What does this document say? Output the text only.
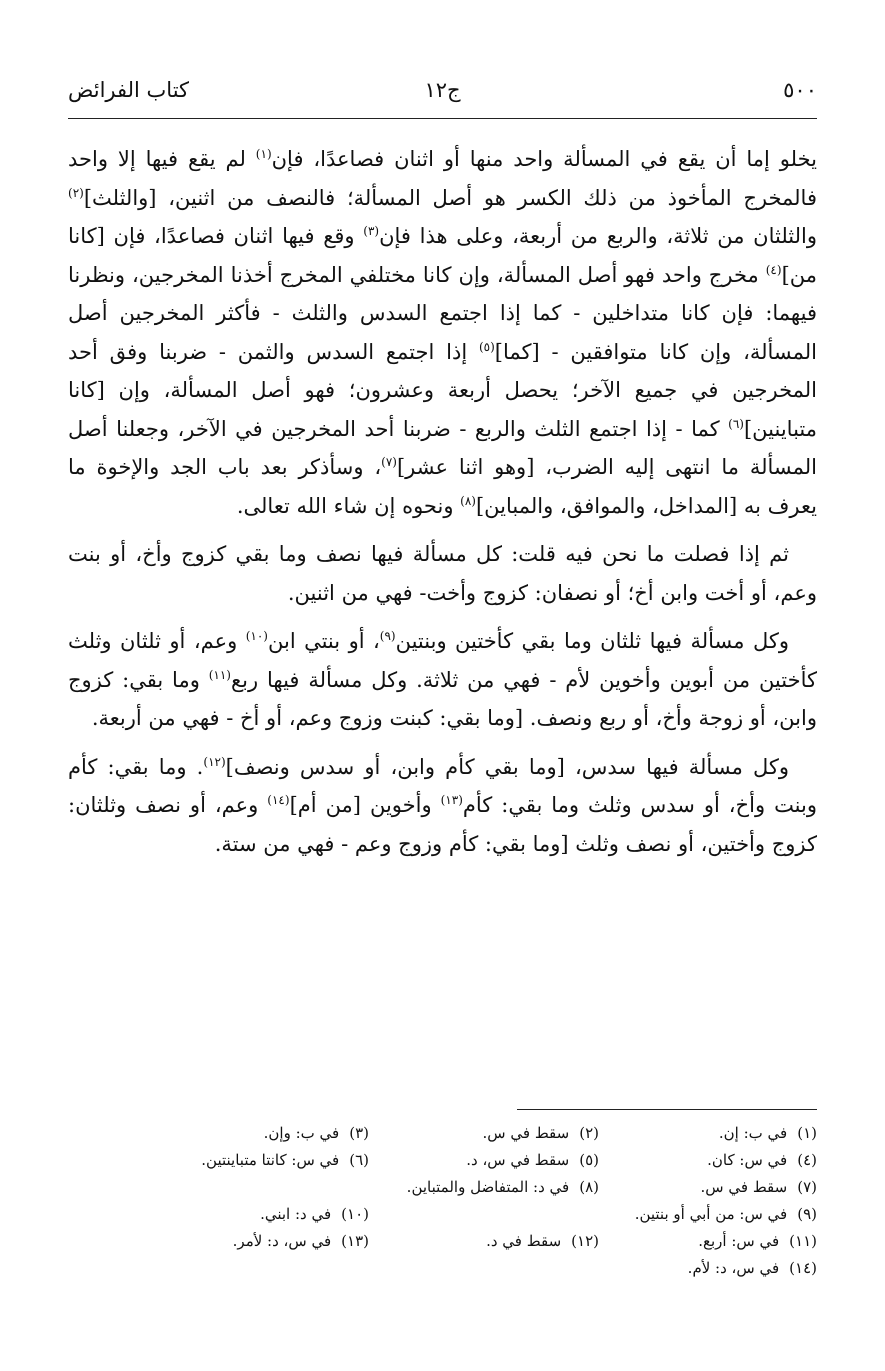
٥٠٠
ج١٢
كتاب الفرائض

يخلو إما أن يقع في المسألة واحد منها أو اثنان فصاعدًا، فإن$^{(١)}$ لم يقع فيها إلا واحد فالمخرج المأخوذ من ذلك الكسر هو أصل المسألة؛ فالنصف من اثنين، [والثلث]$^{(٢)}$ والثلثان من ثلاثة، والربع من أربعة، وعلى هذا فإن$^{(٣)}$ وقع فيها اثنان فصاعدًا، فإن [كانا من]$^{(٤)}$ مخرج واحد فهو أصل المسألة، وإن كانا مختلفي المخرج أخذنا المخرجين، ونظرنا فيهما: فإن كانا متداخلين - كما إذا اجتمع السدس والثلث - فأكثر المخرجين أصل المسألة، وإن كانا متوافقين - [كما]$^{(٥)}$ إذا اجتمع السدس والثمن - ضربنا وفق أحد المخرجين في جميع الآخر؛ يحصل أربعة وعشرون؛ فهو أصل المسألة، وإن [كانا متباينين]$^{(٦)}$ كما - إذا اجتمع الثلث والربع - ضربنا أحد المخرجين في الآخر، وجعلنا أصل المسألة ما انتهى إليه الضرب، [وهو اثنا عشر]$^{(٧)}$، وسأذكر بعد باب الجد والإخوة ما يعرف به [المداخل، والموافق، والمباين]$^{(٨)}$ ونحوه إن شاء الله تعالى.

ثم إذا فصلت ما نحن فيه قلت: كل مسألة فيها نصف وما بقي كزوج وأخ، أو بنت وعم، أو أخت وابن أخ؛ أو نصفان: كزوج وأخت- فهي من اثنين.

وكل مسألة فيها ثلثان وما بقي كأختين وبنتين$^{(٩)}$، أو بنتي ابن$^{(١٠)}$ وعم، أو ثلثان وثلث كأختين من أبوين وأخوين لأم - فهي من ثلاثة. وكل مسألة فيها ربع$^{(١١)}$ وما بقي: كزوج وابن، أو زوجة وأخ، أو ربع ونصف. [وما بقي: كبنت وزوج وعم، أو أخ - فهي من أربعة.

وكل مسألة فيها سدس، [وما بقي كأم وابن، أو سدس ونصف]$^{(١٢)}$. وما بقي: كأم وبنت وأخ، أو سدس وثلث وما بقي: كأم$^{(١٣)}$ وأخوين [من أم]$^{(١٤)}$ وعم، أو نصف وثلثان: كزوج وأختين، أو نصف وثلث [وما بقي: كأم وزوج وعم - فهي من ستة.

(١)في ب: إن.
(٢)سقط في س.
(٣)في ب: وإن.
(٤)في س: كان.
(٥)سقط في س، د.
(٦)في س: كانتا متباينتين.
(٧)سقط في س.
(٨)في د: المتفاضل والمتباين.
(٩)في س: من أبي أو بنتين.
(١٠)في د: ابني.
(١١)في س: أربع.
(١٢)سقط في د.
(١٣)في س، د: لأمر.
(١٤)في س، د: لأم.
